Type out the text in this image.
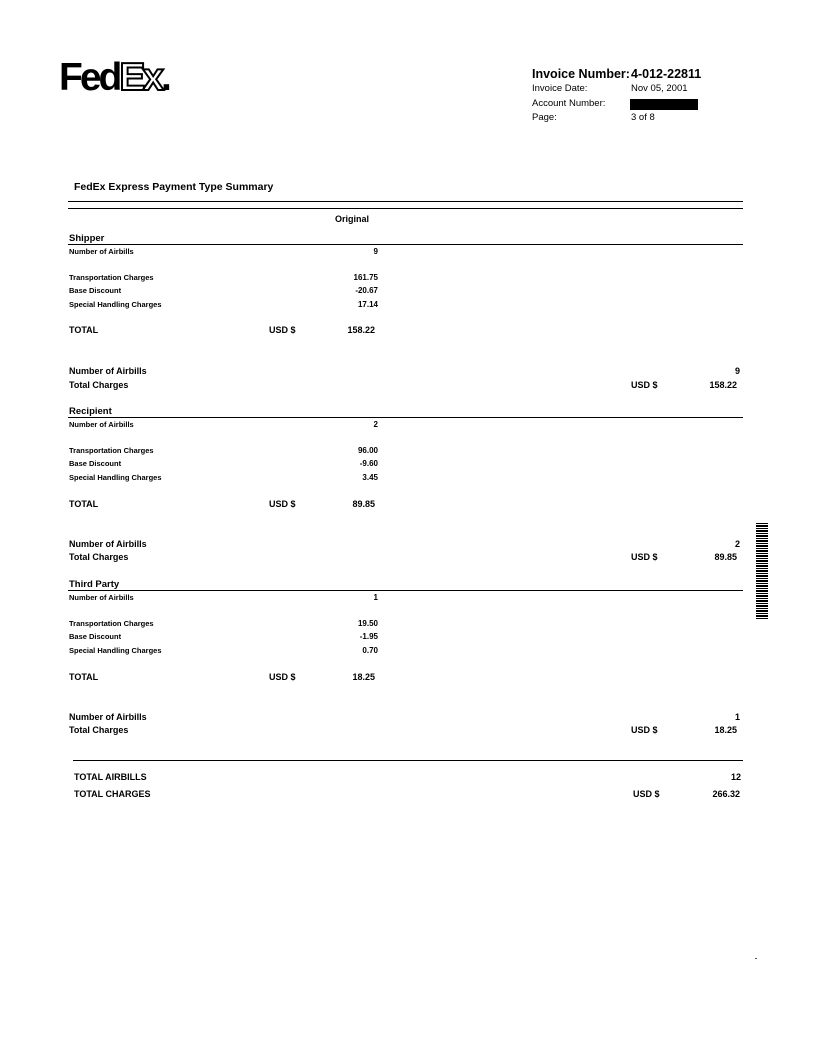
FedEx.	Invoice Number: 4-012-22811
Invoice Date:	Nov 05, 2001
Account Number:
Page:	3 of 8
FedEx Express Payment Type Summary
Original
Shipper
Number of Airbills	9
Transportation Charges	161.75
Base Discount	-20.67
Special Handling Charges	17.14
TOTAL	USD $	158.22
Number of Airbills	9
Total Charges	USD $	158.22
Recipient
Number of Airbills	2
Transportation Charges	96.00
Base Discount	-9.60
Special Handling Charges	3.45
TOTAL	USD $	89.85
Number of Airbills	2
Total Charges	USD $	89.85
Third Party
Number of Airbills	1
Transportation Charges	19.50
Base Discount	-1.95
Special Handling Charges	0.70
TOTAL	USD $	18.25
Number of Airbills	1
Total Charges	USD $	18.25
TOTAL AIRBILLS	12
TOTAL CHARGES	USD $	266.32
